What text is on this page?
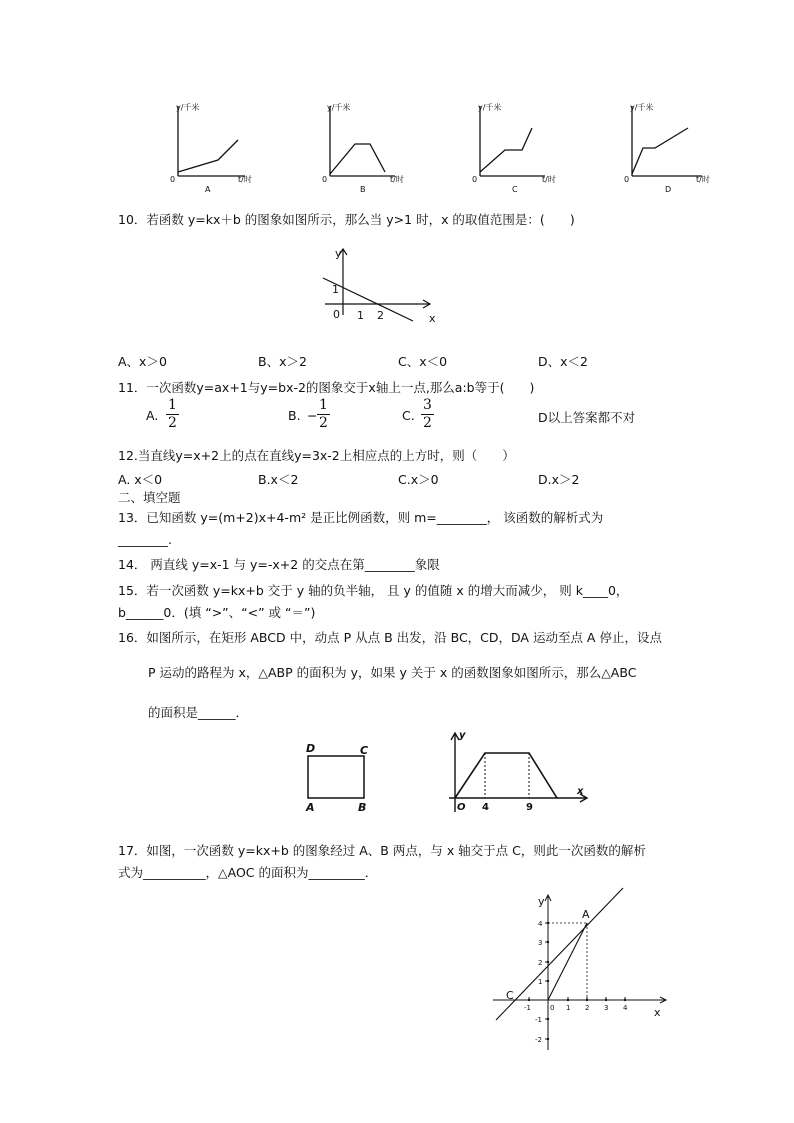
y/千米
t/时
0
A
y/千米
t/时
0
B
y/千米
t/时
0
C
y/千米
t/时
0
D
10．若函数 y=kx＋b 的图象如图所示，那么当 y>1 时，x 的取值范围是：(　　)
y
x
0
1
1 2
A、x＞0	B、x＞2	C、x＜0	D、x＜2
11．一次函数y=ax+1与y=bx-2的图象交于x轴上一点,那么a:b等于(　　)
A.
1
2	B. −
1
2	C.
3
2	D以上答案都不对
12.当直线y=x+2上的点在直线y=3x-2上相应点的上方时，则（　　）
A. x＜0	B.x＜2	C.x＞0	D.x＞2
二、填空题
13．已知函数 y=(m+2)x+4-m² 是正比例函数，则 m=________， 该函数的解析式为
________.
14． 两直线 y=x-1 与 y=-x+2 的交点在第________象限
15．若一次函数 y=kx+b 交于 y 轴的负半轴， 且 y 的值随 x 的增大而减少， 则 k____0，
b______0．(填 “>”、“<” 或 “＝”)
16．如图所示，在矩形 ABCD 中，动点 P 从点 B 出发，沿 BC，CD，DA 运动至点 A 停止，设点
P 运动的路程为 x，△ABP 的面积为 y，如果 y 关于 x 的函数图象如图所示，那么△ABC
的面积是______．
D	C
A	B
y
x
O 4	9
17．如图，一次函数 y=kx+b 的图象经过 A、B 两点，与 x 轴交于点 C，则此一次函数的解析
式为__________，△AOC 的面积为_________．
4
3
2
1
-1
-2
-1	1 2 3 4
0
y
x
A
C
